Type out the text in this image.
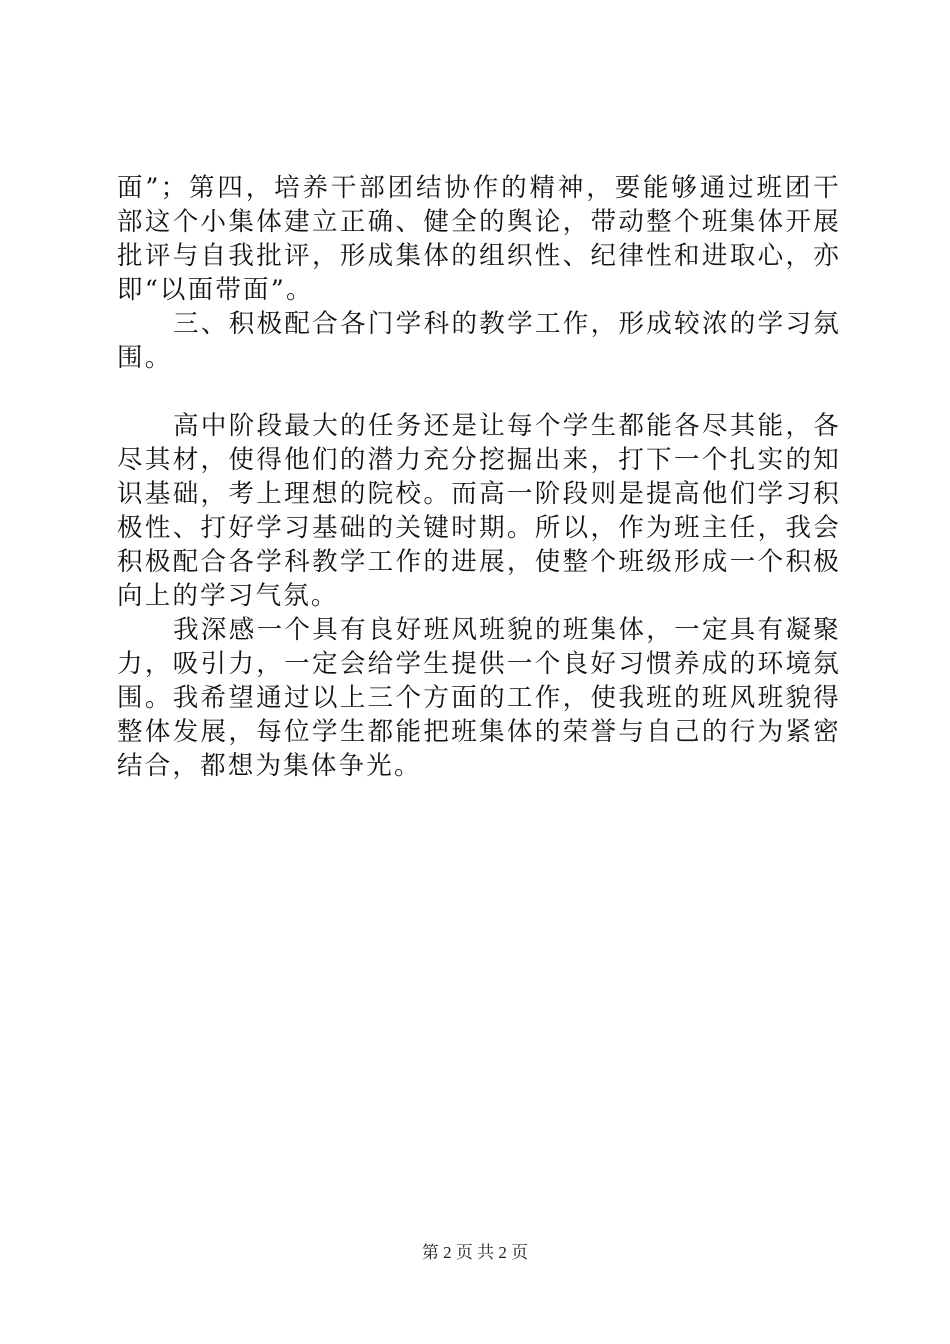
面”；第四，培养干部团结协作的精神，要能够通过班团干部这个小集体建立正确、健全的舆论，带动整个班集体开展批评与自我批评，形成集体的组织性、纪律性和进取心，亦即“以面带面”。

三、积极配合各门学科的教学工作，形成较浓的学习氛围。

高中阶段最大的任务还是让每个学生都能各尽其能，各尽其材，使得他们的潜力充分挖掘出来，打下一个扎实的知识基础，考上理想的院校。而高一阶段则是提高他们学习积极性、打好学习基础的关键时期。所以，作为班主任，我会积极配合各学科教学工作的进展，使整个班级形成一个积极向上的学习气氛。

我深感一个具有良好班风班貌的班集体，一定具有凝聚力，吸引力，一定会给学生提供一个良好习惯养成的环境氛围。我希望通过以上三个方面的工作，使我班的班风班貌得整体发展，每位学生都能把班集体的荣誉与自己的行为紧密结合，都想为集体争光。

第 2 页 共 2 页
